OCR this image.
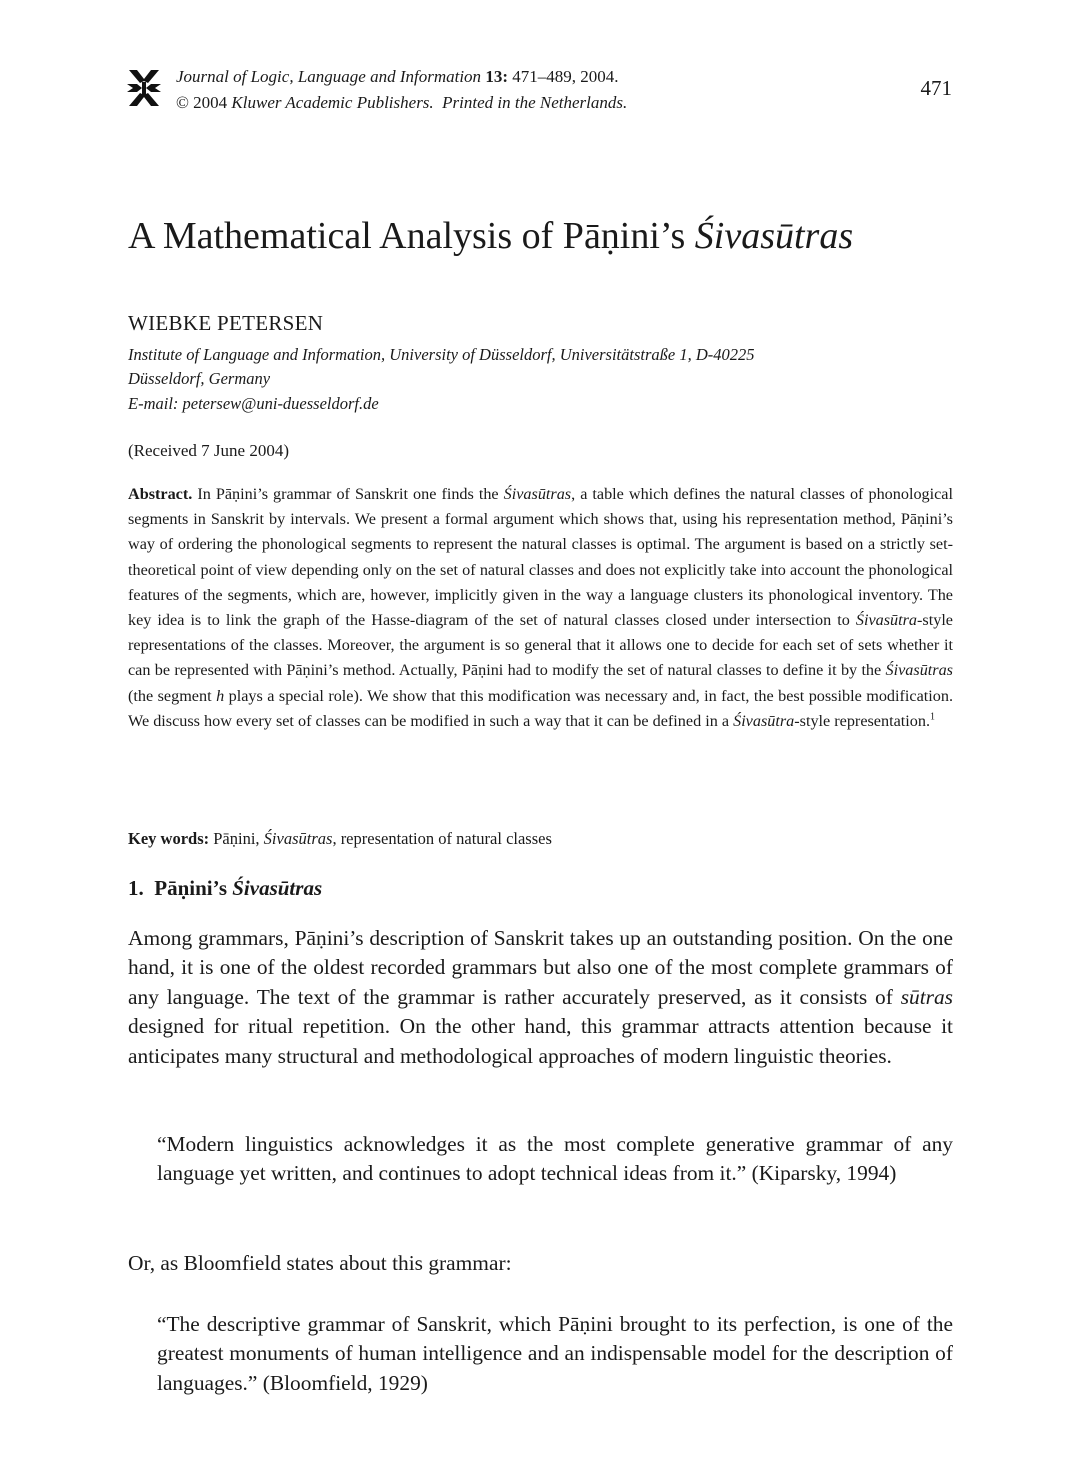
Journal of Logic, Language and Information 13: 471–489, 2004.
© 2004 Kluwer Academic Publishers. Printed in the Netherlands.
471
A Mathematical Analysis of Pāṇini’s Śivasūtras
WIEBKE PETERSEN
Institute of Language and Information, University of Düsseldorf, Universitätstraße 1, D-40225
Düsseldorf, Germany
E-mail: petersew@uni-duesseldorf.de
(Received 7 June 2004)
Abstract. In Pāṇini’s grammar of Sanskrit one finds the Śivasūtras, a table which defines the natural classes of phonological segments in Sanskrit by intervals. We present a formal argument which shows that, using his representation method, Pāṇini’s way of ordering the phonological segments to represent the natural classes is optimal. The argument is based on a strictly set-theoretical point of view depending only on the set of natural classes and does not explicitly take into account the phonological features of the segments, which are, however, implicitly given in the way a language clusters its phonological inventory. The key idea is to link the graph of the Hasse-diagram of the set of natural classes closed under intersection to Śivasūtra-style representations of the classes. Moreover, the argument is so general that it allows one to decide for each set of sets whether it can be represented with Pāṇini’s method. Actually, Pāṇini had to modify the set of natural classes to define it by the Śivasūtras (the segment h plays a special role). We show that this modification was necessary and, in fact, the best possible modification. We discuss how every set of classes can be modified in such a way that it can be defined in a Śivasūtra-style representation.$^1$
Key words: Pāṇini, Śivasūtras, representation of natural classes
1.  Pāṇini’s Śivasūtras

Among grammars, Pāṇini’s description of Sanskrit takes up an outstanding position. On the one hand, it is one of the oldest recorded grammars but also one of the most complete grammars of any language. The text of the grammar is rather accurately preserved, as it consists of sūtras designed for ritual repetition. On the other hand, this grammar attracts attention because it anticipates many structural and methodological approaches of modern linguistic theories.

“Modern linguistics acknowledges it as the most complete generative grammar of any language yet written, and continues to adopt technical ideas from it.” (Kiparsky, 1994)

Or, as Bloomfield states about this grammar:

“The descriptive grammar of Sanskrit, which Pāṇini brought to its perfection, is one of the greatest monuments of human intelligence and an indispensable model for the description of languages.” (Bloomfield, 1929)
